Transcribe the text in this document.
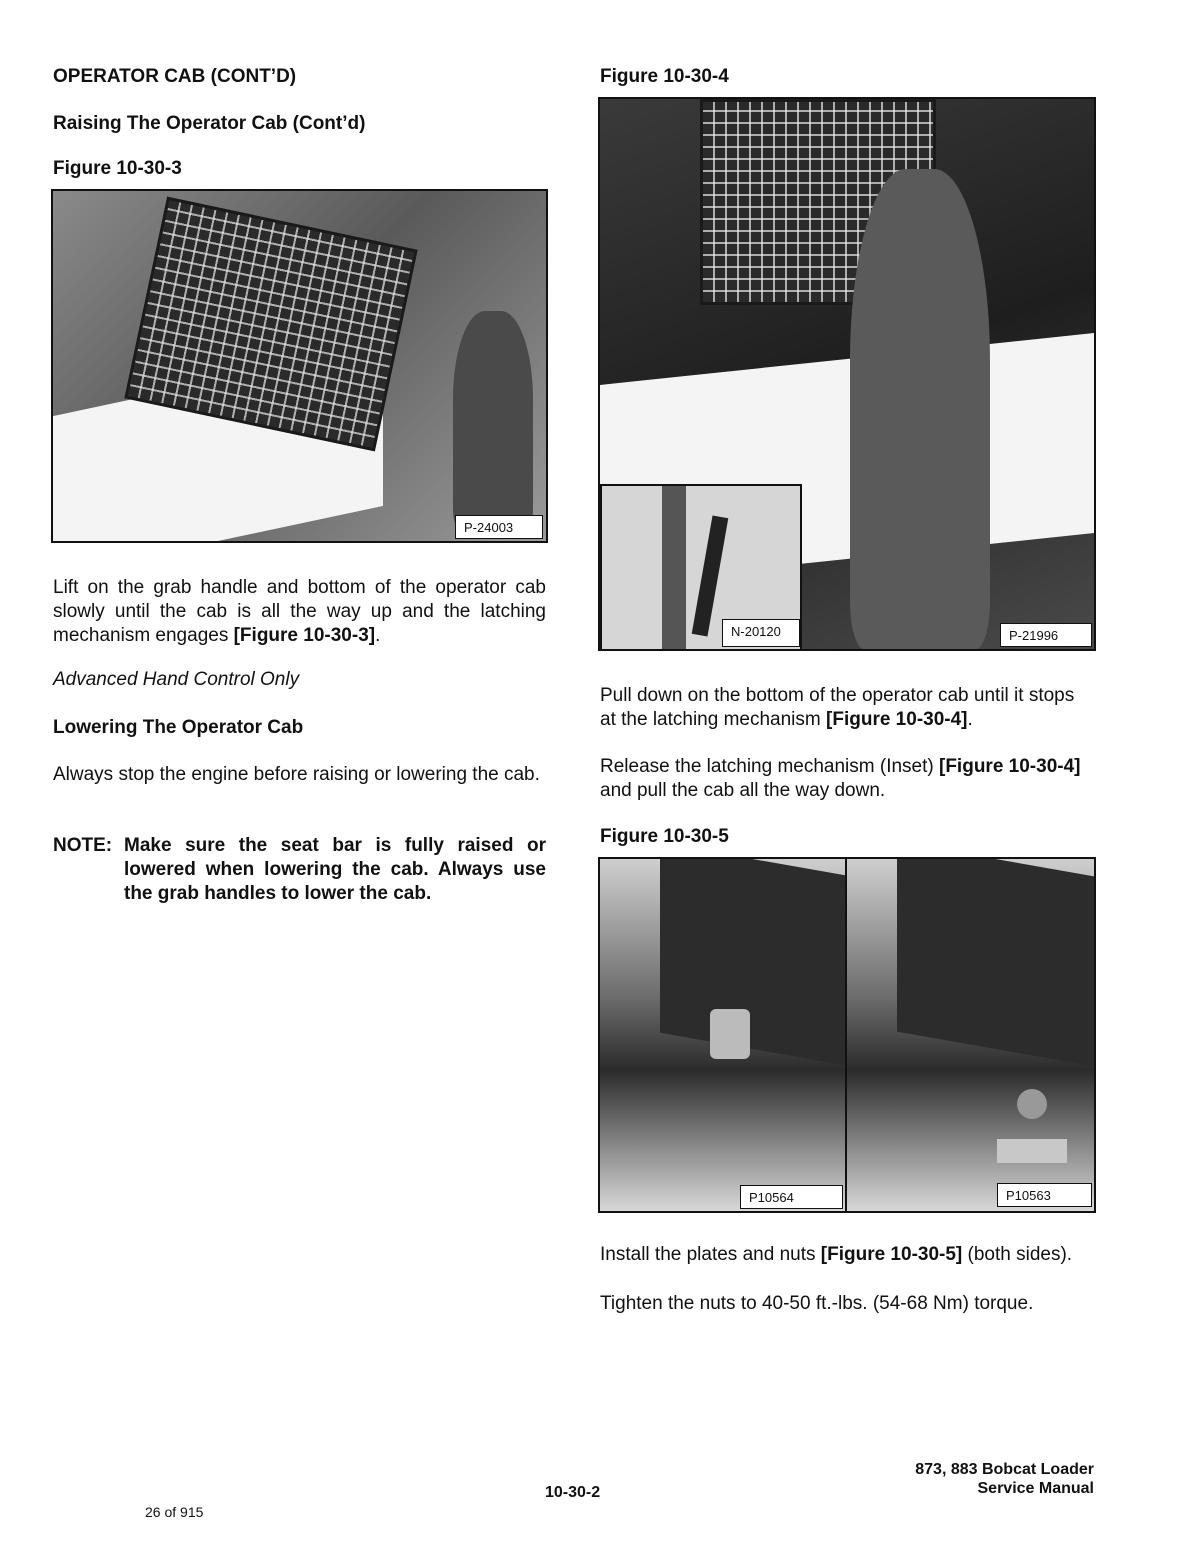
OPERATOR CAB (CONT’D)
Raising The Operator Cab (Cont’d)
Figure 10-30-3
P-24003
Lift on the grab handle and bottom of the operator cab slowly until the cab is all the way up and the latching mechanism engages [Figure 10-30-3].
Advanced Hand Control Only
Lowering The Operator Cab
Always stop the engine before raising or lowering the cab.
NOTE: Make sure the seat bar is fully raised or lowered when lowering the cab. Always use the grab handles to lower the cab.
Figure 10-30-4
N-20120	P-21996
Pull down on the bottom of the operator cab until it stops at the latching mechanism [Figure 10-30-4].
Release the latching mechanism (Inset) [Figure 10-30-4] and pull the cab all the way down.
Figure 10-30-5
P10564	P10563
Install the plates and nuts [Figure 10-30-5] (both sides).
Tighten the nuts to 40-50 ft.-lbs. (54-68 Nm) torque.
10-30-2
873, 883 Bobcat Loader
Service Manual
26 of 915
